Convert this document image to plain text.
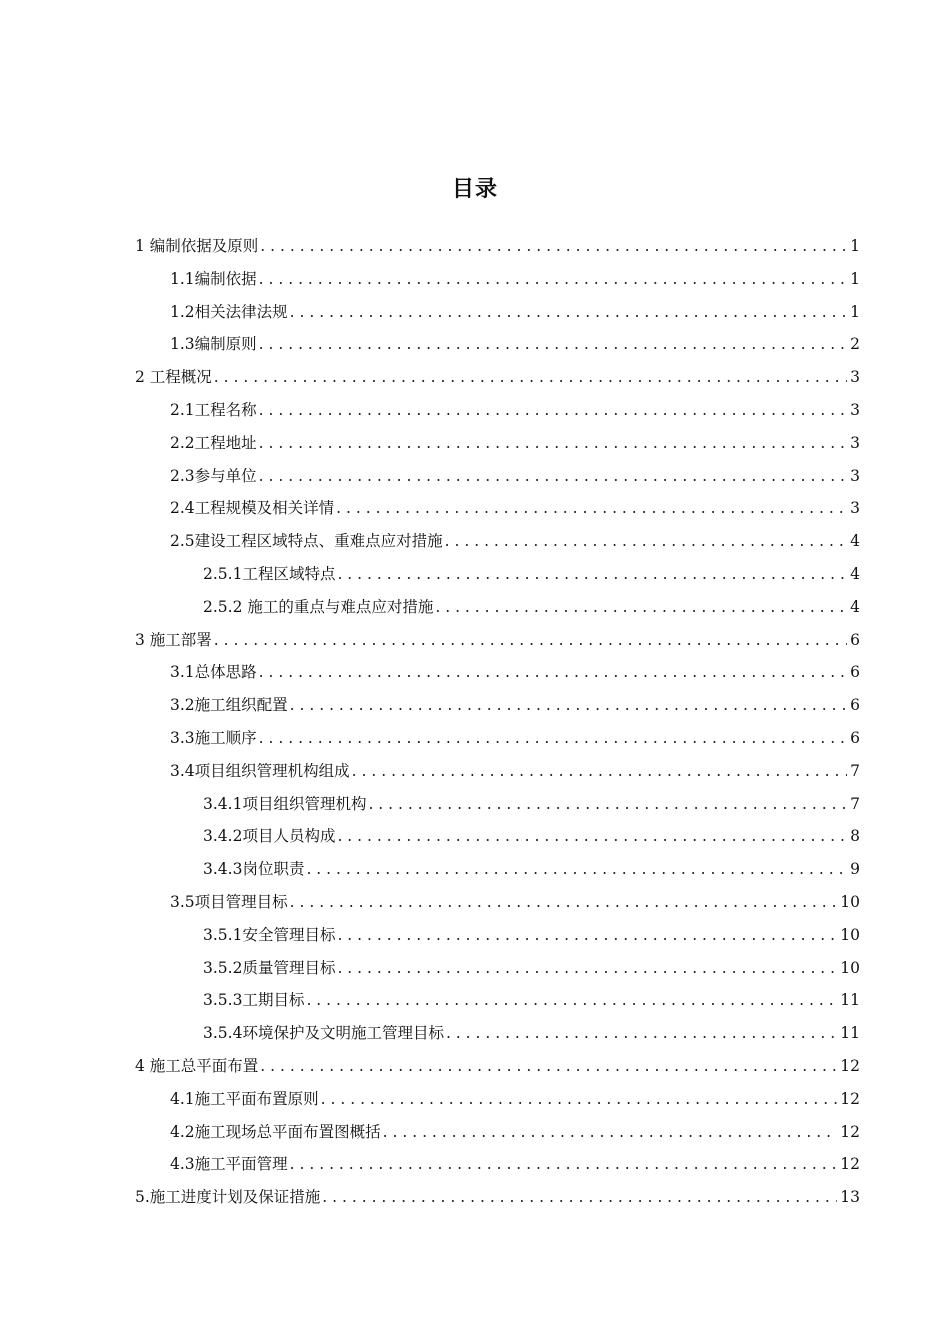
目录
1 编制依据及原则 . . .	1
1.1编制依据 . . .	1
1.2相关法律法规 . . .	1
1.3编制原则 . . .	2
2 工程概况 . . .	3
2.1工程名称 . . .	3
2.2工程地址 . . .	3
2.3参与单位 . . .	3
2.4工程规模及相关详情 . . .	3
2.5建设工程区域特点、重难点应对措施 . . .	4
2.5.1工程区域特点 . . .	4
2.5.2 施工的重点与难点应对措施 . . .	4
3 施工部署 . . .	6
3.1总体思路 . . .	6
3.2施工组织配置 . . .	6
3.3施工顺序 . . .	6
3.4项目组织管理机构组成 . . .	7
3.4.1项目组织管理机构 . . .	7
3.4.2项目人员构成 . . .	8
3.4.3岗位职责 . . .	9
3.5项目管理目标 . . .	10
3.5.1安全管理目标 . . .	10
3.5.2质量管理目标 . . .	10
3.5.3工期目标 . . .	11
3.5.4环境保护及文明施工管理目标 . . .	11
4 施工总平面布置 . . .	12
4.1施工平面布置原则 . . .	12
4.2施工现场总平面布置图概括 . . .	12
4.3施工平面管理 . . .	12
5.施工进度计划及保证措施 . . .	13
